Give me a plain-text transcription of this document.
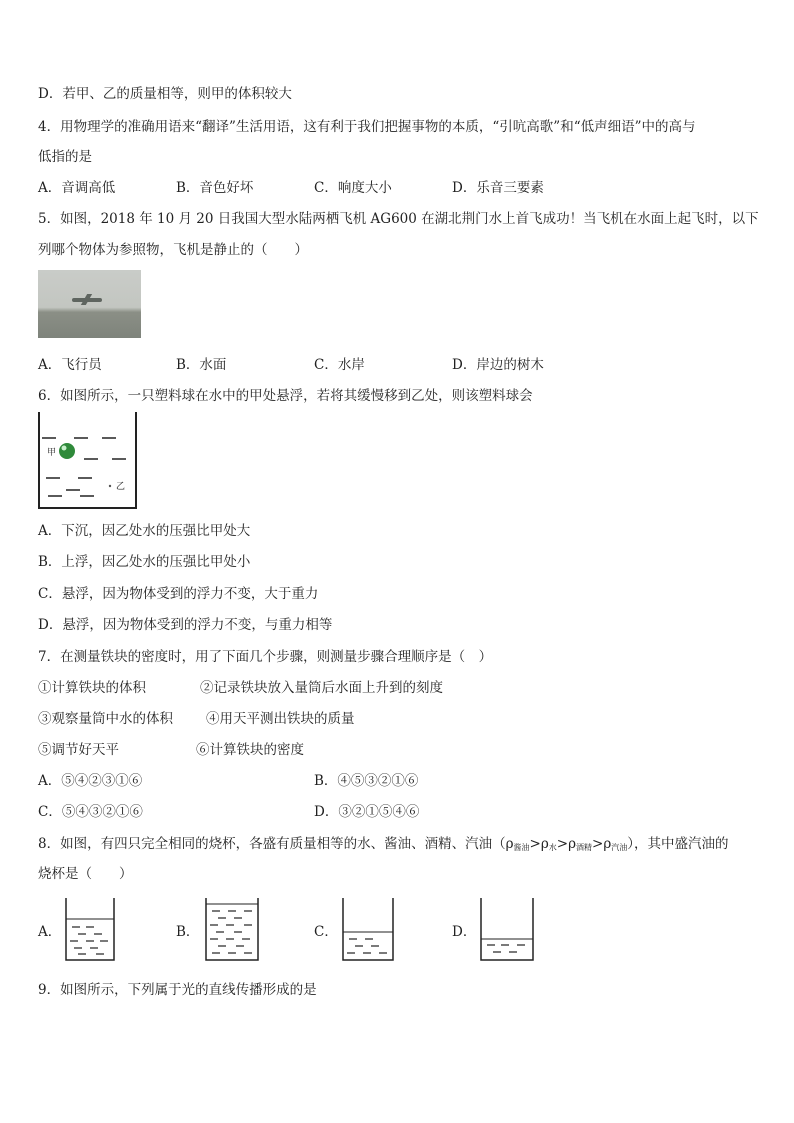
D．若甲、乙的质量相等，则甲的体积较大
4．用物理学的准确用语来“翻译”生活用语，这有利于我们把握事物的本质，“引吭高歌”和“低声细语”中的高与
低指的是
A．音调高低	B．音色好坏	C．响度大小	D．乐音三要素
5．如图，2018 年 10 月 20 日我国大型水陆两栖飞机 AG600 在湖北荆门水上首飞成功！当飞机在水面上起飞时，以下
列哪个物体为参照物，飞机是静止的（　　）
A．飞行员	B．水面	C．水岸	D．岸边的树木
6．如图所示，一只塑料球在水中的甲处悬浮，若将其缓慢移到乙处，则该塑料球会
甲
乙
A．下沉，因乙处水的压强比甲处大
B．上浮，因乙处水的压强比甲处小
C．悬浮，因为物体受到的浮力不变，大于重力
D．悬浮，因为物体受到的浮力不变，与重力相等
7．在测量铁块的密度时，用了下面几个步骤，则测量步骤合理顺序是（　）
①计算铁块的体积	②记录铁块放入量筒后水面上升到的刻度
③观察量筒中水的体积 ④用天平测出铁块的质量
⑤调节好天平	⑥计算铁块的密度
A．⑤④②③①⑥	B．④⑤③②①⑥
C．⑤④③②①⑥	D．③②①⑤④⑥
8．如图，有四只完全相同的烧杯，各盛有质量相等的水、酱油、酒精、汽油$(\rho_{酱油}>\rho_水>\rho_{酒精}>\rho_{汽油})$，其中盛汽油的
烧杯是（　　）
A．	B．	C．	D．
9．如图所示，下列属于光的直线传播形成的是
